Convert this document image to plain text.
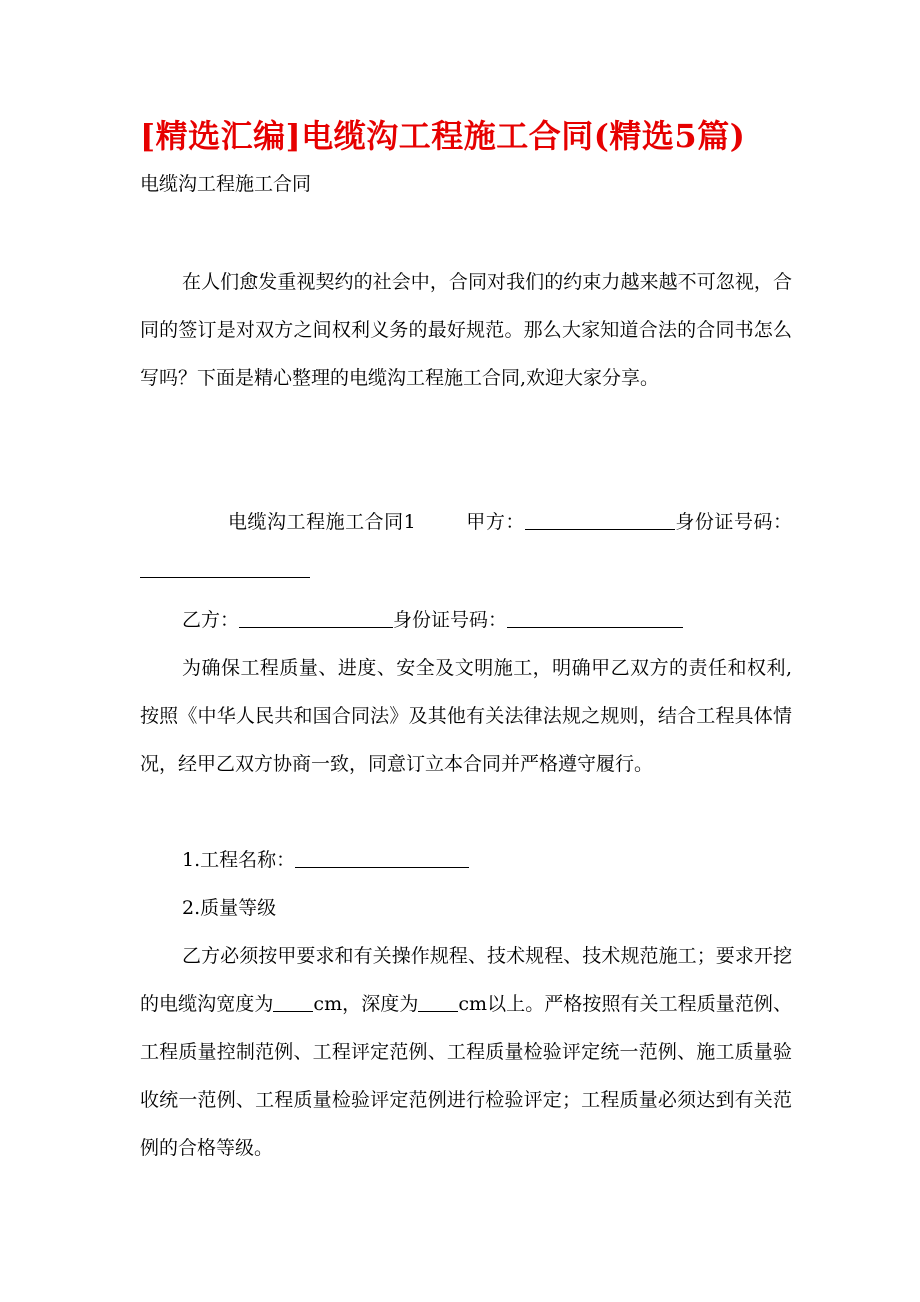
[精选汇编]电缆沟工程施工合同(精选5篇)
电缆沟工程施工合同
在人们愈发重视契约的社会中，合同对我们的约束力越来越不可忽视，合同的签订是对双方之间权利义务的最好规范。那么大家知道合法的合同书怎么写吗？下面是精心整理的电缆沟工程施工合同,欢迎大家分享。
电缆沟工程施工合同1	甲方：	身份证号码：
乙方：	身份证号码：
为确保工程质量、进度、安全及文明施工，明确甲乙双方的责任和权利,按照《中华人民共和国合同法》及其他有关法律法规之规则，结合工程具体情况，经甲乙双方协商一致，同意订立本合同并严格遵守履行。
1.工程名称：
2.质量等级
乙方必须按甲要求和有关操作规程、技术规程、技术规范施工；要求开挖的电缆沟宽度为 cm，深度为 cm以上。严格按照有关工程质量范例、工程质量控制范例、工程评定范例、工程质量检验评定统一范例、施工质量验收统一范例、工程质量检验评定范例进行检验评定；工程质量必须达到有关范例的合格等级。
